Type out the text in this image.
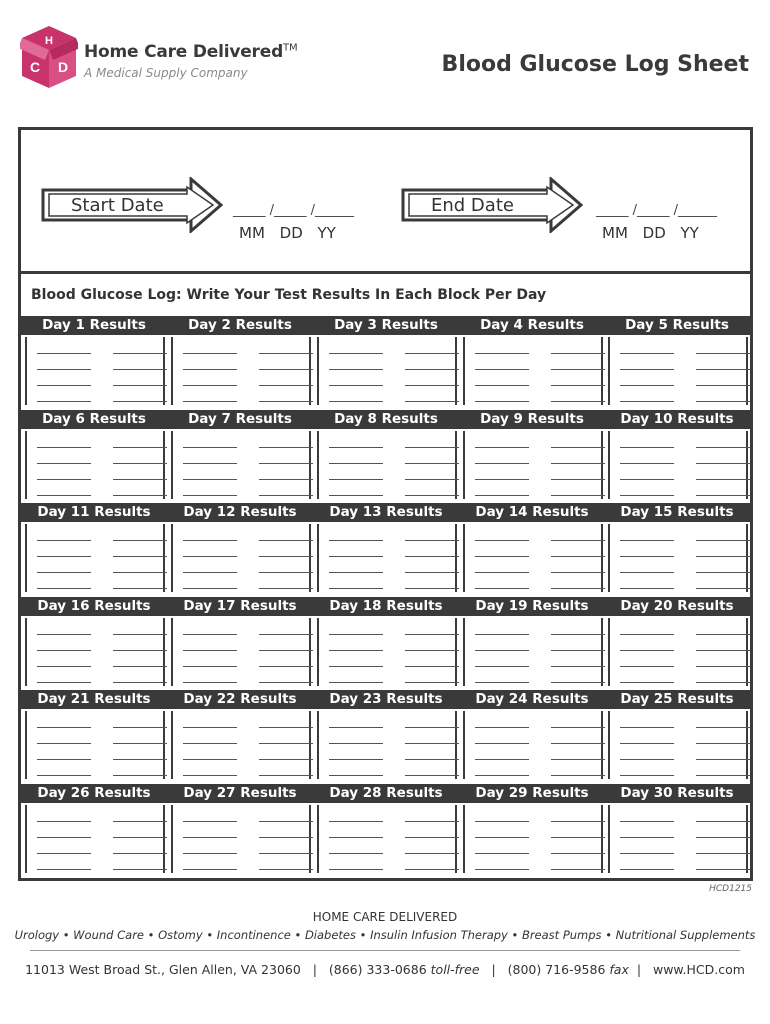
H
C D
Home Care Delivered™
A Medical Supply Company	Blood Glucose Log Sheet
Start Date	_____ /_____ /______
MM DD YY
End Date	_____ /_____ /______
MM DD YY
Blood Glucose Log: Write Your Test Results In Each Block Per Day
Day 1 Results	Day 2 Results	Day 3 Results	Day 4 Results	Day 5 Results
Day 6 Results	Day 7 Results	Day 8 Results	Day 9 Results	Day 10 Results
Day 11 Results	Day 12 Results	Day 13 Results	Day 14 Results	Day 15 Results
Day 16 Results	Day 17 Results	Day 18 Results	Day 19 Results	Day 20 Results
Day 21 Results	Day 22 Results	Day 23 Results	Day 24 Results	Day 25 Results
Day 26 Results	Day 27 Results	Day 28 Results	Day 29 Results	Day 30 Results
HCD1215
HOME CARE DELIVERED
Urology • Wound Care • Ostomy • Incontinence • Diabetes • Insulin Infusion Therapy • Breast Pumps • Nutritional Supplements
11013 West Broad St., Glen Allen, VA 23060 | (866) 333-0686 toll-free | (800) 716-9586 fax | www.HCD.com
